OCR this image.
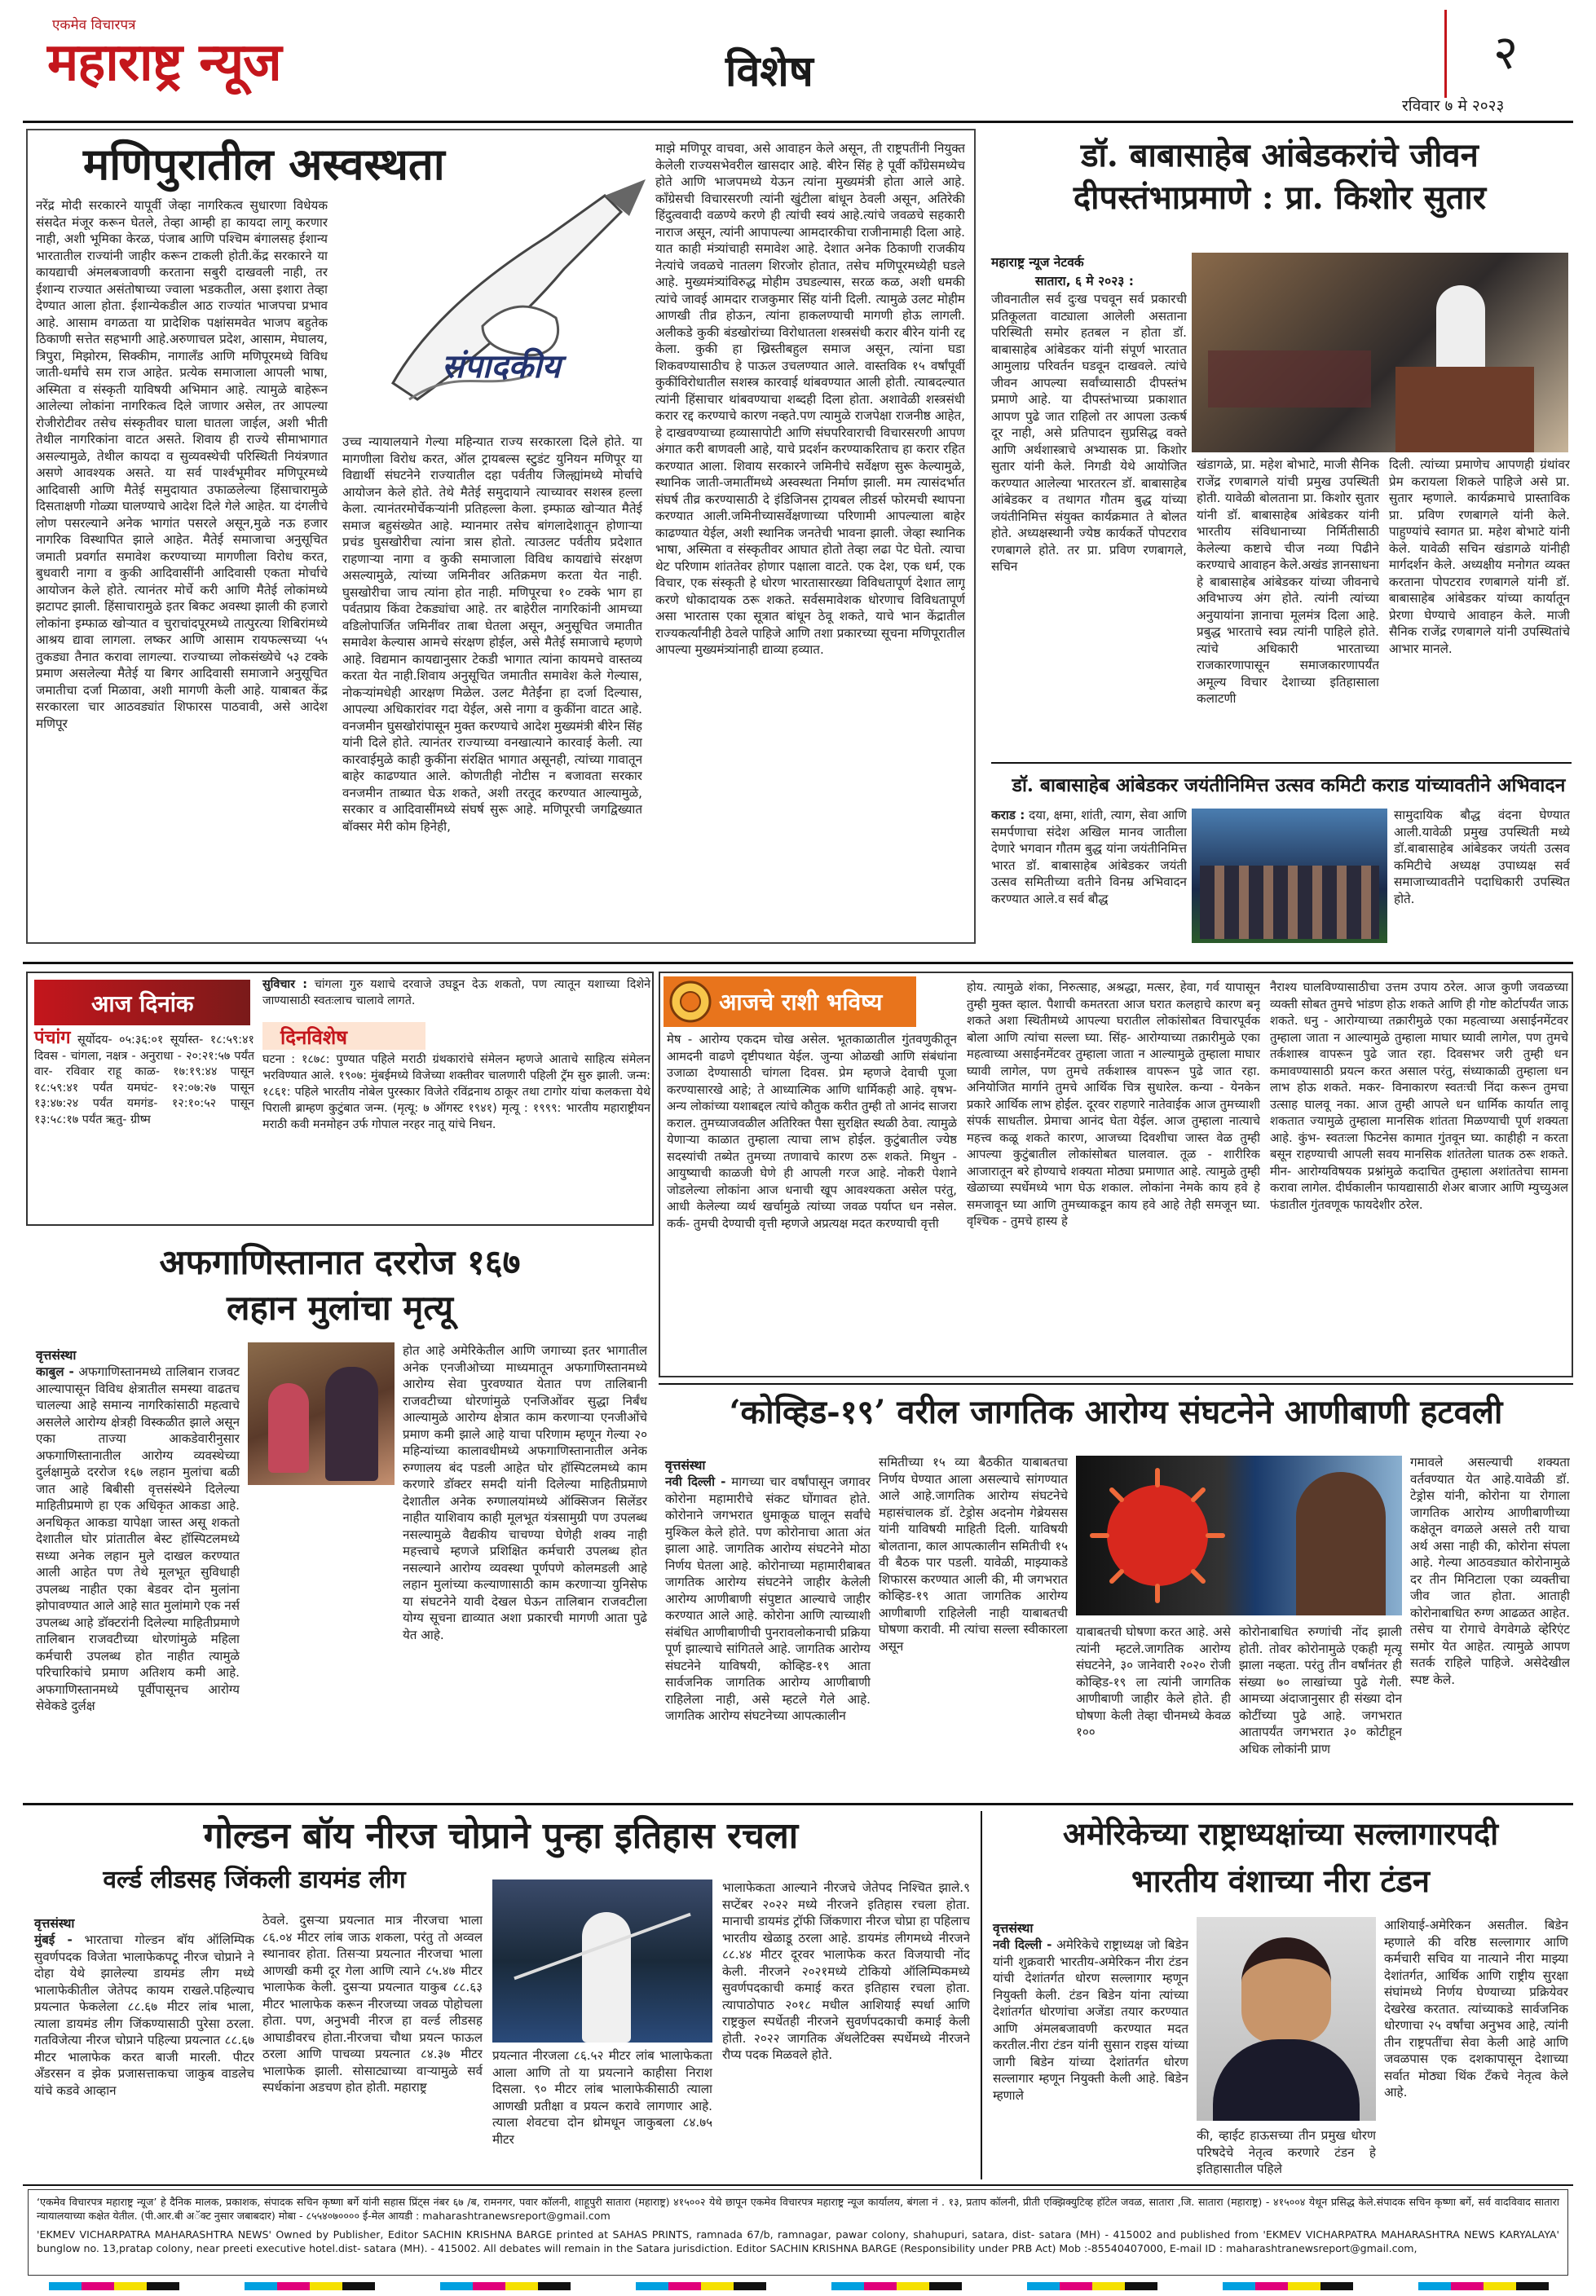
एकमेव विचारपत्र
महाराष्ट्र न्यूज	विशेष	२
रविवार ७ मे २०२३
मणिपुरातील अस्वस्थता
संपादकीय
नरेंद्र मोदी सरकारने यापूर्वी जेव्हा नागरिकत्व सुधारणा विधेयक संसदेत मंजूर करून घेतले, तेव्हा आम्ही हा कायदा लागू करणार नाही, अशी भूमिका केरळ, पंजाब आणि पश्चिम बंगालसह ईशान्य भारतातील राज्यांनी जाहीर करून टाकली होती.केंद्र सरकारने या कायद्याची अंमलबजावणी करताना सबुरी दाखवली नाही, तर ईशान्य राज्यात असंतोषाच्या ज्वाला भडकतील, असा इशारा तेव्हा देण्यात आला होता. ईशान्येकडील आठ राज्यांत भाजपचा प्रभाव आहे. आसाम वगळता या प्रादेशिक पक्षांसमवेत भाजप बहुतेक ठिकाणी सत्तेत सहभागी आहे.अरुणाचल प्रदेश, आसाम, मेघालय, त्रिपुरा, मिझोरम, सिक्कीम, नागालँड आणि मणिपूरमध्ये विविध जाती-धर्मांचे सम राज आहेत. प्रत्येक समाजाला आपली भाषा, अस्मिता व संस्कृती याविषयी अभिमान आहे. त्यामुळे बाहेरून आलेल्या लोकांना नागरिकत्व दिले जाणार असेल, तर आपल्या रोजीरोटीवर तसेच संस्कृतीवर घाला घातला जाईल, अशी भीती तेथील नागरिकांना वाटत असते. शिवाय ही राज्ये सीमाभागात असल्यामुळे, तेथील कायदा व सुव्यवस्थेची परिस्थिती नियंत्रणात असणे आवश्यक असते. या सर्व पार्श्वभूमीवर मणिपूरमध्ये आदिवासी आणि मैतेई समुदायात उफाळलेल्या हिंसाचारामुळे दिसताक्षणी गोळ्या घालण्याचे आदेश दिले गेले आहेत. या दंगलीचे लोण पसरल्याने अनेक भागांत पसरले असून,मुळे नऊ हजार नागरिक विस्थापित झाले आहेत. मैतेई समाजाचा अनुसूचित जमाती प्रवर्गात समावेश करण्याच्या मागणीला विरोध करत, बुधवारी नागा व कुकी आदिवासींनी आदिवासी एकता मोर्चाचे आयोजन केले होते. त्यानंतर मोर्चे करी आणि मैतेई लोकांमध्ये झटापट झाली. हिंसाचारामुळे इतर बिकट अवस्था झाली की हजारो लोकांना इम्फाळ खोऱ्यात व चुराचांदपूरमध्ये तात्पुरत्या शिबिरांमध्ये आश्रय द्यावा लागला. लष्कर आणि आसाम रायफल्सच्या ५५ तुकड्या तैनात करावा लागल्या. राज्याच्या लोकसंख्येचे ५३ टक्के प्रमाण असलेल्या मैतेई या बिगर आदिवासी समाजाने अनुसूचित जमातीचा दर्जा मिळावा, अशी मागणी केली आहे. याबाबत केंद्र सरकारला चार आठवड्यांत शिफारस पाठवावी, असे आदेश मणिपूर
उच्च न्यायालयाने गेल्या महिन्यात राज्य सरकारला दिले होते. या मागणीला विरोध करत, ऑल ट्रायबल्स स्टुडंट युनियन मणिपूर या विद्यार्थी संघटनेने राज्यातील दहा पर्वतीय जिल्ह्यांमध्ये मोर्चाचे आयोजन केले होते. तेथे मैतेई समुदायाने त्याच्यावर सशस्त्र हल्ला केला. त्यानंतरमोर्चेकऱ्यांनी प्रतिहल्ला केला. इम्फाळ खोऱ्यात मैतेई समाज बहुसंख्येत आहे. म्यानमार तसेच बांगलादेशातून होणाऱ्या प्रचंड घुसखोरीचा त्यांना त्रास होतो. त्याउलट पर्वतीय प्रदेशात राहणाऱ्या नागा व कुकी समाजाला विविध कायद्यांचे संरक्षण असल्यामुळे, त्यांच्या जमिनीवर अतिक्रमण करता येत नाही. घुसखोरीचा जाच त्यांना होत नाही. मणिपूरचा १० टक्के भाग हा पर्वतप्राय किंवा टेकड्यांचा आहे. तर बाहेरील नागरिकांनी आमच्या वडिलोपार्जित जमिनींवर ताबा घेतला असून, अनुसूचित जमातीत समावेश केल्यास आमचे संरक्षण होईल, असे मैतेई समाजाचे म्हणणे आहे. विद्यमान कायद्यानुसार टेकडी भागात त्यांना कायमचे वास्तव्य करता येत नाही.शिवाय अनुसूचित जमातीत समावेश केले गेल्यास, नोकऱ्यांमधेही आरक्षण मिळेल. उलट मैतेईंना हा दर्जा दिल्यास, आपल्या अधिकारांवर गदा येईल, असे नागा व कुकींना वाटत आहे. वनजमीन घुसखोरांपासून मुक्त करण्याचे आदेश मुख्यमंत्री बीरेन सिंह यांनी दिले होते. त्यानंतर राज्याच्या वनखात्याने कारवाई केली. त्या कारवाईमुळे काही कुकींना संरक्षित भागात असूनही, त्यांच्या गावातून बाहेर काढण्यात आले. कोणतीही नोटीस न बजावता सरकार वनजमीन ताब्यात घेऊ शकते, अशी तरतूद करण्यात आल्यामुळे, सरकार व आदिवासींमध्ये संघर्ष सुरू आहे. मणिपूरची जगद्विख्यात बॉक्सर मेरी कोम हिनेही,
माझे मणिपूर वाचवा, असे आवाहन केले असून, ती राष्ट्रपतींनी नियुक्त केलेली राज्यसभेवरील खासदार आहे. बीरेन सिंह हे पूर्वी काँग्रेसमध्येच होते आणि भाजपमध्ये येऊन त्यांना मुख्यमंत्री होता आले आहे. काँग्रेसची विचारसरणी त्यांनी खुंटीला बांधून ठेवली असून, अतिरेकी हिंदुत्ववादी वळण्ये करणे ही त्यांची स्वयं आहे.त्यांचे जवळचे सहकारी नाराज असून, त्यांनी आपापल्या आमदारकीचा राजीनामाही दिला आहे. यात काही मंत्र्यांचाही समावेश आहे. देशात अनेक ठिकाणी राजकीय नेत्यांचे जवळचे नातलग शिरजोर होतात, तसेच मणिपूरमध्येही घडले आहे. मुख्यमंत्र्यांविरुद्ध मोहीम उघडल्यास, सरळ कळ, अशी धमकी त्यांचे जावई आमदार राजकुमार सिंह यांनी दिली. त्यामुळे उलट मोहीम आणखी तीव्र होऊन, त्यांना हाकलण्याची मागणी होऊ लागली. अलीकडे कुकी बंडखोरांच्या विरोधातला शस्त्रसंधी करार बीरेन यांनी रद्द केला. कुकी हा ख्रिस्तीबहुल समाज असून, त्यांना घडा शिकवण्यासाठीच हे पाऊल उचलण्यात आले. वास्तविक १५ वर्षांपूर्वी कुकींविरोधातील सशस्त्र कारवाई थांबवण्यात आली होती. त्याबदल्यात त्यांनी हिंसाचार थांबवण्याचा शब्दही दिला होता. अशावेळी शस्त्रसंधी करार रद्द करण्याचे कारण नव्हते.पण त्यामुळे राजपेक्षा राजनीष्ठ आहेत, हे दाखवण्याच्या हव्यासापोटी आणि संघपरिवाराची विचारसरणी आपण अंगात करी बाणवली आहे, याचे प्रदर्शन करण्याकरिताच हा करार रहित करण्यात आला. शिवाय सरकारने जमिनीचे सर्वेक्षण सुरू केल्यामुळे, स्थानिक जाती-जमातींमध्ये अस्वस्थता निर्माण झाली. मम त्यासंदर्भात संघर्ष तीव्र करण्यासाठी दे इंडिजिनस ट्रायबल लीडर्स फोरमची स्थापना करण्यात आली.जमिनीच्यासर्वेक्षणाच्या परिणामी आपल्याला बाहेर काढण्यात येईल, अशी स्थानिक जनतेची भावना झाली. जेव्हा स्थानिक भाषा, अस्मिता व संस्कृतीवर आघात होतो तेव्हा लढा पेट घेतो. त्याचा थेट परिणाम शांततेवर होणार पक्षाला वाटते. एक देश, एक धर्म, एक विचार, एक संस्कृती हे धोरण भारतासारख्या विविधतापूर्ण देशात लागू करणे धोकादायक ठरू शकते. सर्वसमावेशक धोरणाच विविधतापूर्ण असा भारतास एका सूत्रात बांधून ठेवू शकते, याचे भान केंद्रातील राज्यकर्त्यांनीही ठेवले पाहिजे आणि तशा प्रकारच्या सूचना मणिपूरातील आपल्या मुख्यमंत्र्यांनाही द्याव्या हव्यात.
डॉ. बाबासाहेब आंबेडकरांचे जीवन
दीपस्तंभाप्रमाणे : प्रा. किशोर सुतार
महाराष्ट्र न्यूज नेटवर्क
सातारा, ६ मे २०२३ :
जीवनातील सर्व दुःख पचवून सर्व प्रकारची प्रतिकूलता वाट्याला आलेली असताना परिस्थिती समोर हतबल न होता डॉ. बाबासाहेब आंबेडकर यांनी संपूर्ण भारतात आमुलाग्र परिवर्तन घडवून दाखवले. त्यांचे जीवन आपल्या सर्वांच्यासाठी दीपस्तंभ प्रमाणे आहे. या दीपस्तंभाच्या प्रकाशात आपण पुढे जात राहिलो तर आपला उत्कर्ष दूर नाही, असे प्रतिपादन सुप्रसिद्ध वक्ते आणि अर्थशास्त्राचे अभ्यासक प्रा. किशोर सुतार यांनी केले. निगडी येथे आयोजित करण्यात आलेल्या भारतरत्न डॉ. बाबासाहेब आंबेडकर व तथागत गौतम बुद्ध यांच्या जयंतीनिमित्त संयुक्त कार्यक्रमात ते बोलत होते. अध्यक्षस्थानी ज्येष्ठ कार्यकर्ते पोपटराव रणबागले होते. तर प्रा. प्रविण रणबागले, सचिन
खंडागळे, प्रा. महेश बोभाटे, माजी सैनिक राजेंद्र रणबागले यांची प्रमुख उपस्थिती होती. यावेळी बोलताना प्रा. किशोर सुतार यांनी डॉ. बाबासाहेब आंबेडकर यांनी भारतीय संविधानाच्या निर्मितीसाठी केलेल्या कष्टाचे चीज नव्या पिढीने करण्याचे आवाहन केले.अखंड ज्ञानसाधना हे बाबासाहेब आंबेडकर यांच्या जीवनाचे अविभाज्य अंग होते. त्यांनी त्यांच्या अनुयायांना ज्ञानाचा मूलमंत्र दिला आहे. प्रबुद्ध भारताचे स्वप्न त्यांनी पाहिले होते. त्यांचे अधिकारी भारताच्या राजकारणापासून समाजकारणापर्यंत अमूल्य विचार देशाच्या इतिहासाला कलाटणी
दिली. त्यांच्या प्रमाणेच आपणही ग्रंथांवर प्रेम करायला शिकले पाहिजे असे प्रा. सुतार म्हणाले. कार्यक्रमाचे प्रास्ताविक प्रा. प्रविण रणबागले यांनी केले. पाहुण्यांचे स्वागत प्रा. महेश बोभाटे यांनी केले. यावेळी सचिन खंडागळे यांनीही मार्गदर्शन केले. अध्यक्षीय मनोगत व्यक्त करताना पोपटराव रणबागले यांनी डॉ. बाबासाहेब आंबेडकर यांच्या कार्यातून प्रेरणा घेण्याचे आवाहन केले. माजी सैनिक राजेंद्र रणबागले यांनी उपस्थितांचे आभार मानले.
डॉ. बाबासाहेब आंबेडकर जयंतीनिमित्त उत्सव कमिटी कराड यांच्यावतीने अभिवादन
कराड : दया, क्षमा, शांती, त्याग, सेवा आणि समर्पणाचा संदेश अखिल मानव जातीला देणारे भगवान गौतम बुद्ध यांना जयंतीनिमित्त भारत डॉ. बाबासाहेब आंबेडकर जयंती उत्सव समितीच्या वतीने विनम्र अभिवादन करण्यात आले.व सर्व बौद्ध
सामुदायिक बौद्ध वंदना घेण्यात आली.यावेळी प्रमुख उपस्थिती मध्ये डॉ.बाबासाहेब आंबेडकर जयंती उत्सव कमिटीचे अध्यक्ष उपाध्यक्ष सर्व समाजाच्यावतीने पदाधिकारी उपस्थित होते.
आज दिनांक
पंचांग सूर्योदय- ०५:३६:०१ सूर्यास्त- १८:५९:४१ दिवस - चांगला, नक्षत्र - अनुराधा - २०:२१:५७ पर्यंत वार- रविवार राहू काळ- १७:१९:४४ पासून १८:५९:४१ पर्यंत यमघंट- १२:०७:२७ पासून १३:४७:२४ पर्यंत यमगंड- १२:१०:५२ पासून १३:५८:१७ पर्यंत ऋतु- ग्रीष्म
सुविचार : चांगला गुरु यशाचे दरवाजे उघडून देऊ शकतो, पण त्यातून यशाच्या दिशेने जाण्यासाठी स्वतःलाच चालावे लागते.
दिनविशेष
घटना : १८७८: पुण्यात पहिले मराठी ग्रंथकारांचे संमेलन म्हणजे आताचे साहित्य संमेलन भरविण्यात आले. १९०७: मुंबईमध्ये विजेच्या शक्तीवर चालणारी पहिली ट्रॅम सुरु झाली. जन्म: १८६१: पहिले भारतीय नोबेल पुरस्कार विजेते रविंद्रनाथ ठाकूर तथा टागोर यांचा कलकत्ता येथे पिराली ब्राम्हण कुटुंबात जन्म. (मृत्यू: ७ ऑगस्ट १९४१) मृत्यू : १९९९: भारतीय महाराष्ट्रीयन मराठी कवी मनमोहन उर्फ गोपाल नरहर नातू यांचे निधन.
आजचे राशी भविष्य
मेष - आरोग्य एकदम चोख असेल. भूतकाळातील गुंतवणुकीतून आमदनी वाढणे दृष्टीपथात येईल. जुन्या ओळखी आणि संबंधांना उजाळा देण्यासाठी चांगला दिवस. प्रेम म्हणजे देवाची पूजा करण्यासारखे आहे; ते आध्यात्मिक आणि धार्मिकही आहे. वृषभ- अन्य लोकांच्या यशाबद्दल त्यांचे कौतुक करीत तुम्ही तो आनंद साजरा कराल. तुमच्याजवळील अतिरिक्त पैसा सुरक्षित स्थळी ठेवा. त्यामुळे येणाऱ्या काळात तुम्हाला त्याचा लाभ होईल. कुटुंबातील ज्येष्ठ सदस्यांची तब्येत तुमच्या तणावाचे कारण ठरू शकते. मिथुन - आयुष्याची काळजी घेणे ही आपली गरज आहे. नोकरी पेशाने जोडलेल्या लोकांना आज धनाची खूप आवश्यकता असेल परंतु, आधी केलेल्या व्यर्थ खर्चामुळे त्यांच्या जवळ पर्याप्त धन नसेल. कर्क- तुमची देण्याची वृत्ती म्हणजे अप्रत्यक्ष मदत करण्याची वृत्ती
होय. त्यामुळे शंका, निरुत्साह, अश्रद्धा, मत्सर, हेवा, गर्व यापासून तुम्ही मुक्त व्हाल. पैशाची कमतरता आज घरात कलहाचे कारण बनू शकते अशा स्थितीमध्ये आपल्या घरातील लोकांसोबत विचारपूर्वक बोला आणि त्यांचा सल्ला घ्या. सिंह- आरोग्याच्या तक्रारीमुळे एका महत्वाच्या असाईनमेंटवर तुम्हाला जाता न आल्यामुळे तुम्हाला माघार घ्यावी लागेल, पण तुमचे तर्कशास्त्र वापरून पुढे जात रहा. अनियोजित मार्गाने तुमचे आर्थिक चित्र सुधारेल. कन्या - येनकेन प्रकारे आर्थिक लाभ होईल. दूरवर राहणारे नातेवाईक आज तुमच्याशी संपर्क साधतील. प्रेमाचा आनंद घेता येईल. आज तुम्हाला नात्याचे महत्त्व कळू शकते कारण, आजच्या दिवशीचा जास्त वेळ तुम्ही आपल्या कुटुंबातील लोकांसोबत घालवाल. तूळ - शारीरिक आजारातून बरे होण्याचे शक्यता मोठ्या प्रमाणात आहे. त्यामुळे तुम्ही खेळाच्या स्पर्धेमध्ये भाग घेऊ शकाल. लोकांना नेमके काय हवे हे समजावून घ्या आणि तुमच्याकडून काय हवे आहे तेही समजून घ्या. वृश्चिक - तुमचे हास्य हे
नैराश्य घालविण्यासाठीचा उत्तम उपाय ठरेल. आज कुणी जवळच्या व्यक्ती सोबत तुमचे भांडण होऊ शकते आणि ही गोष्ट कोर्टापर्यंत जाऊ शकते. धनु - आरोग्याच्या तक्रारीमुळे एका महत्वाच्या असाईनमेंटवर तुम्हाला जाता न आल्यामुळे तुम्हाला माघार घ्यावी लागेल, पण तुमचे तर्कशास्त्र वापरून पुढे जात रहा. दिवसभर जरी तुम्ही धन कमावण्यासाठी प्रयत्न करत असाल परंतु, संध्याकाळी तुम्हाला धन लाभ होऊ शकते. मकर- विनाकारण स्वतःची निंदा करून तुमचा उत्साह घालवू नका. आज तुम्ही आपले धन धार्मिक कार्यात लावू शकतात ज्यामुळे तुम्हाला मानसिक शांतता मिळण्याची पूर्ण शक्यता आहे. कुंभ- स्वतःला फिटनेस कामात गुंतवून घ्या. काहीही न करता बसून राहण्याची आपली सवय मानसिक शांततेला घातक ठरू शकते. मीन- आरोग्यविषयक प्रश्नांमुळे कदाचित तुम्हाला अशांततेचा सामना करावा लागेल. दीर्घकालीन फायद्यासाठी शेअर बाजार आणि म्युच्युअल फंडातील गुंतवणूक फायदेशीर ठरेल.
अफगाणिस्तानात दररोज १६७
लहान मुलांचा मृत्यू
वृत्तसंस्था
काबुल - अफगाणिस्तानमध्ये तालिबान राजवट आल्यापासून विविध क्षेत्रातील समस्या वाढतच चालल्या आहे समान्य नागरिकांसाठी महत्वाचे असलेले आरोग्य क्षेत्रही विस्कळीत झाले असून एका ताज्या आकडेवारीनुसार अफगाणिस्तानातील आरोग्य व्यवस्थेच्या दुर्लक्षामुळे दररोज १६७ लहान मुलांचा बळी जात आहे बिबीसी वृत्तसंस्थेने दिलेल्या माहितीप्रमाणे हा एक अधिकृत आकडा आहे. अनधिकृत आकडा यापेक्षा जास्त असू शकतो देशातील घोर प्रांतातील बेस्ट हॉस्पिटलमध्ये सध्या अनेक लहान मुले दाखल करण्यात आली आहेत पण तेथे मूलभूत सुविधाही उपलब्ध नाहीत एका बेडवर दोन मुलांना झोपावण्यात आले आहे सात मुलांमागे एक नर्स उपलब्ध आहे डॉक्टरांनी दिलेल्या माहितीप्रमाणे तालिबान राजवटीच्या धोरणांमुळे महिला कर्मचारी उपलब्ध होत नाहीत त्यामुळे परिचारिकांचे प्रमाण अतिशय कमी आहे. अफगाणिस्तानमध्ये पूर्वीपासूनच आरोग्य सेवेकडे दुर्लक्ष
होत आहे अमेरिकेतील आणि जगाच्या इतर भागातील अनेक एनजीओच्या माध्यमातून अफगाणिस्तानमध्ये आरोग्य सेवा पुरवण्यात येतात पण तालिबानी राजवटीच्या धोरणांमुळे एनजिओंवर सुद्धा निर्बंध आल्यामुळे आरोग्य क्षेत्रात काम करणाऱ्या एनजीओंचे प्रमाण कमी झाले आहे याचा परिणाम म्हणून गेल्या २० महिन्यांच्या कालावधीमध्ये अफगाणिस्तानातील अनेक रुग्णालय बंद पडली आहेत घोर हॉस्पिटलमध्ये काम करणारे डॉक्टर समदी यांनी दिलेल्या माहितीप्रमाणे देशातील अनेक रुग्णालयांमध्ये ऑक्सिजन सिलेंडर नाहीत याशिवाय काही मूलभूत यंत्रसामुग्री पण उपलब्ध नसल्यामुळे वैद्यकीय चाचण्या घेणेही शक्य नाही महत्त्वाचे म्हणजे प्रशिक्षित कर्मचारी उपलब्ध होत नसल्याने आरोग्य व्यवस्था पूर्णपणे कोलमडली आहे लहान मुलांच्या कल्याणासाठी काम करणाऱ्या युनिसेफ या संघटनेने यावी देखल घेऊन तालिबान राजवटीला योग्य सूचना द्याव्यात अशा प्रकारची मागणी आता पुढे येत आहे.
‘कोव्हिड-१९’ वरील जागतिक आरोग्य संघटनेने आणीबाणी हटवली
वृत्तसंस्था
नवी दिल्ली - मागच्या चार वर्षांपासून जगावर कोरोना महामारीचे संकट घोंगावत होते. कोरोनाने जगभरात धुमाकूळ घालून सर्वांचे मुश्किल केले होते. पण कोरोनाचा आता अंत झाला आहे. जागतिक आरोग्य संघटनेने मोठा निर्णय घेतला आहे. कोरोनाच्या महामारीबाबत जागतिक आरोग्य संघटनेने जाहीर केलेली आरोग्य आणीबाणी संपुष्टात आल्याचे जाहीर करण्यात आले आहे. कोरोना आणि त्याच्याशी संबंधित आणीबाणीची पुनरावलोकनाची प्रक्रिया पूर्ण झाल्याचे सांगितले आहे. जागतिक आरोग्य संघटनेने याविषयी, कोव्हिड-१९ आता सार्वजनिक जागतिक आरोग्य आणीबाणी राहिलेला नाही, असे म्हटले गेले आहे. जागतिक आरोग्य संघटनेच्या आपत्कालीन
समितीच्या १५ व्या बैठकीत याबाबतचा निर्णय घेण्यात आला असल्याचे सांगण्यात आले आहे.जागतिक आरोग्य संघटनेचे महासंचालक डॉ. टेड्रोस अदनोम गेब्रेयसस यांनी याविषयी माहिती दिली. याविषयी बोलताना, काल आपत्कालीन समितीची १५ वी बैठक पार पडली. यावेळी, माझ्याकडे शिफारस करण्यात आली की, मी जगभरात कोव्हिड-१९ आता जागतिक आरोग्य आणीबाणी राहिलेली नाही याबाबतची घोषणा करावी. मी त्यांचा सल्ला स्वीकारला असून
याबाबतची घोषणा करत आहे. असे त्यांनी म्हटले.जागतिक आरोग्य संघटनेने, ३० जानेवारी २०२० रोजी कोव्हिड-१९ ला त्यांनी जागतिक आणीबाणी जाहीर केले होते. ही घोषणा केली तेव्हा चीनमध्ये केवळ १००
कोरोनाबाधित रुग्णांची नोंद झाली होती. तोवर कोरोनामुळे एकही मृत्यू झाला नव्हता. परंतु तीन वर्षांनंतर ही संख्या ७० लाखांच्या पुढे गेली. आमच्या अंदाजानुसार ही संख्या दोन कोटींच्या पुढे आहे. जगभरात आतापर्यंत जगभरात ३० कोटीहून अधिक लोकांनी प्राण
गमावले असल्याची शक्यता वर्तवण्यात येत आहे.यावेळी डॉ. टेड्रोस यांनी, कोरोना या रोगाला जागतिक आरोग्य आणीबाणीच्या कक्षेतून वगळले असले तरी याचा अर्थ असा नाही की, कोरोना संपला आहे. गेल्या आठवड्यात कोरोनामुळे दर तीन मिनिटाला एका व्यक्तीचा जीव जात होता. आताही कोरोनाबाधित रुग्ण आढळत आहेत. तसेच या रोगाचे वेगवेगळे व्हेरिएंट समोर येत आहेत. त्यामुळे आपण सतर्क राहिले पाहिजे. असेदेखील स्पष्ट केले.
गोल्डन बॉय नीरज चोप्राने पुन्हा इतिहास रचला
वर्ल्ड लीडसह जिंकली डायमंड लीग
वृत्तसंस्था
मुंबई - भारताचा गोल्डन बॉय ऑलिम्पिक सुवर्णपदक विजेता भालाफेकपटू नीरज चोप्राने ने दोहा येथे झालेल्या डायमंड लीग मध्ये भालाफेकीतील जेतेपद कायम राखले.पहिल्याच प्रयत्नात फेकलेला ८८.६७ मीटर लांब भाला, त्याला डायमंड लीग जिंकण्यासाठी पुरेसा ठरला. गतविजेत्या नीरज चोप्राने पहिल्या प्रयत्नात ८८.६७ मीटर भालाफेक करत बाजी मारली. पीटर अँडरसन व झेक प्रजासत्ताकचा जाकुब वाडलेच यांचे कडवे आव्हान
ठेवले. दुसऱ्या प्रयत्नात मात्र नीरजचा भाला ८६.०४ मीटर लांब जाऊ शकला, परंतु तो अव्वल स्थानावर होता. तिसऱ्या प्रयत्नात नीरजचा भाला आणखी कमी दूर गेला आणि त्याने ८५.४७ मीटर भालाफेक केली. दुसऱ्या प्रयत्नात याकुब ८८.६३ मीटर भालाफेक करून नीरजच्या जवळ पोहोचला होता. पण, अनुभवी नीरज हा वर्ल्ड लीडसह आघाडीवरच होता.नीरजचा चौथा प्रयत्न फाऊल ठरला आणि पाचव्या प्रयत्नात ८४.३७ मीटर भालाफेक झाली. सोसाट्याच्या वाऱ्यामुळे सर्व स्पर्धकांना अडचण होत होती. महाराष्ट्र
प्रयत्नात नीरजला ८६.५२ मीटर लांब भालाफेकता आला आणि तो या प्रयत्नाने काहीसा निराश दिसला. ९० मीटर लांब भालाफेकीसाठी त्याला आणखी प्रतीक्षा व प्रयत्न करावे लागणार आहे. त्याला शेवटचा दोन थ्रोमधून जाकुबला ८४.७५ मीटर
भालाफेकता आल्याने नीरजचे जेतेपद निश्चित झाले.९ सप्टेंबर २०२२ मध्ये नीरजने इतिहास रचला होता. मानाची डायमंड ट्रॉफी जिंकणारा नीरज चोप्रा हा पहिलाच भारतीय खेळाडू ठरला आहे. डायमंड लीगमध्ये नीरजने ८८.४४ मीटर दूरवर भालाफेक करत विजयाची नोंद केली. नीरजने २०२१मध्ये टोकियो ऑलिम्पिकमध्ये सुवर्णपदकाची कमाई करत इतिहास रचला होता. त्यापाठोपाठ २०१८ मधील आशियाई स्पर्धा आणि राष्ट्रकुल स्पर्धेतही नीरजने सुवर्णपदकाची कमाई केली होती. २०२२ जागतिक ॲथलेटिक्स स्पर्धेमध्ये नीरजने रौप्य पदक मिळवले होते.
अमेरिकेच्या राष्ट्राध्यक्षांच्या सल्लागारपदी
भारतीय वंशाच्या नीरा टंडन
वृत्तसंस्था
नवी दिल्ली - अमेरिकेचे राष्ट्राध्यक्ष जो बिडेन यांनी शुक्रवारी भारतीय-अमेरिकन नीरा टंडन यांची देशांतर्गत धोरण सल्लागार म्हणून नियुक्ती केली. टंडन बिडेन यांना त्यांच्या देशांतर्गत धोरणांचा अजेंडा तयार करण्यात आणि अंमलबजावणी करण्यात मदत करतील.नीरा टंडन यांनी सुसान राइस यांच्या जागी बिडेन यांच्या देशांतर्गत धोरण सल्लागार म्हणून नियुक्ती केली आहे. बिडेन म्हणाले
की, व्हाईट हाऊसच्या तीन प्रमुख धोरण परिषदेचे नेतृत्व करणारे टंडन हे इतिहासातील पहिले
आशियाई-अमेरिकन असतील. बिडेन म्हणाले की वरिष्ठ सल्लागार आणि कर्मचारी सचिव या नात्याने नीरा माझ्या देशांतर्गत, आर्थिक आणि राष्ट्रीय सुरक्षा संघांमध्ये निर्णय घेण्याच्या प्रक्रियेवर देखरेख करतात. त्यांच्याकडे सार्वजनिक धोरणाचा २५ वर्षांचा अनुभव आहे, त्यांनी तीन राष्ट्रपतींचा सेवा केली आहे आणि जवळपास एक दशकापासून देशाच्या सर्वात मोठ्या थिंक टँकचे नेतृत्व केले आहे.
‘एकमेव विचारपत्र महाराष्ट्र न्यूज’ हे दैनिक मालक, प्रकाशक, संपादक सचिन कृष्णा बर्गे यांनी सहास प्रिंट्स नंबर ६७ /ब, रामनगर, पवार कॉलनी, शाहूपुरी सातारा (महाराष्ट्र) ४१५००२ येथे छापून एकमेव विचारपत्र महाराष्ट्र न्यूज कार्यालय, बंगला नं . १३, प्रताप कॉलनी, प्रीती एक्झिक्युटिव्ह हॉटेल जवळ, सातारा ,जि. सातारा (महाराष्ट्र) - ४१५००४ येथून प्रसिद्ध केले.संपादक सचिन कृष्णा बर्गे, सर्व वादविवाद सातारा न्यायालयाच्या कक्षेत येतील. (पी.आर.बी अॅक्ट नुसार जबाबदार) मोबा - ८५५४०७०००० ई-मेल आयडी : maharashtranewsreport@gmail.com
'EKMEV VICHARPATRA MAHARASHTRA NEWS' Owned by Publisher, Editor SACHIN KRISHNA BARGE printed at SAHAS PRINTS, ramnada 67/b, ramnagar, pawar colony, shahupuri, satara, dist- satara (MH) - 415002 and published from 'EKMEV VICHARPATRA MAHARASHTRA NEWS KARYALAYA' bunglow no. 13,pratap colony, near preeti executive hotel.dist- satara (MH). - 415002. All debates will remain in the Satara jurisdiction. Editor SACHIN KRISHNA BARGE (Responsibility under PRB Act) Mob :-85540407000, E-mail ID : maharashtranewsreport@gmail.com,
